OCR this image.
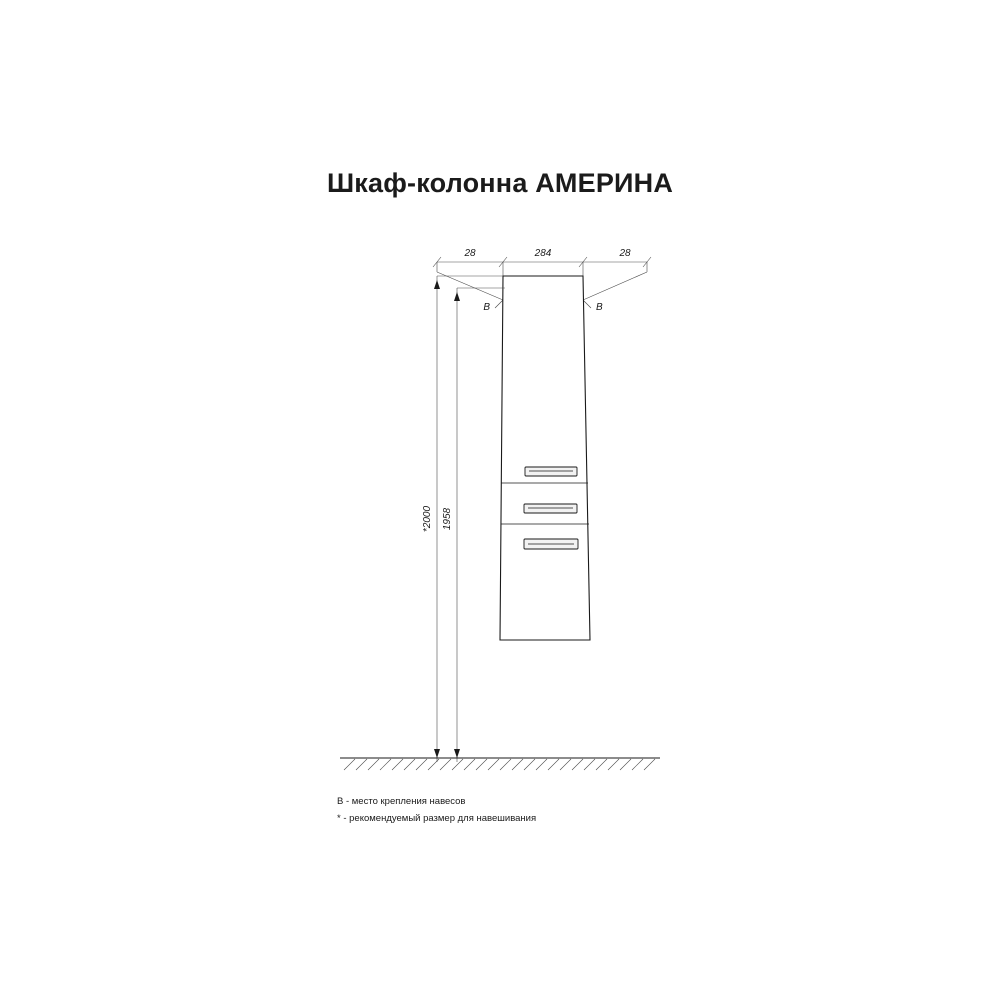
Шкаф-колонна АМЕРИНА
28	284	28
В	В
*2000 1958
В - место крепления навесов
* - рекомендуемый размер для навешивания
